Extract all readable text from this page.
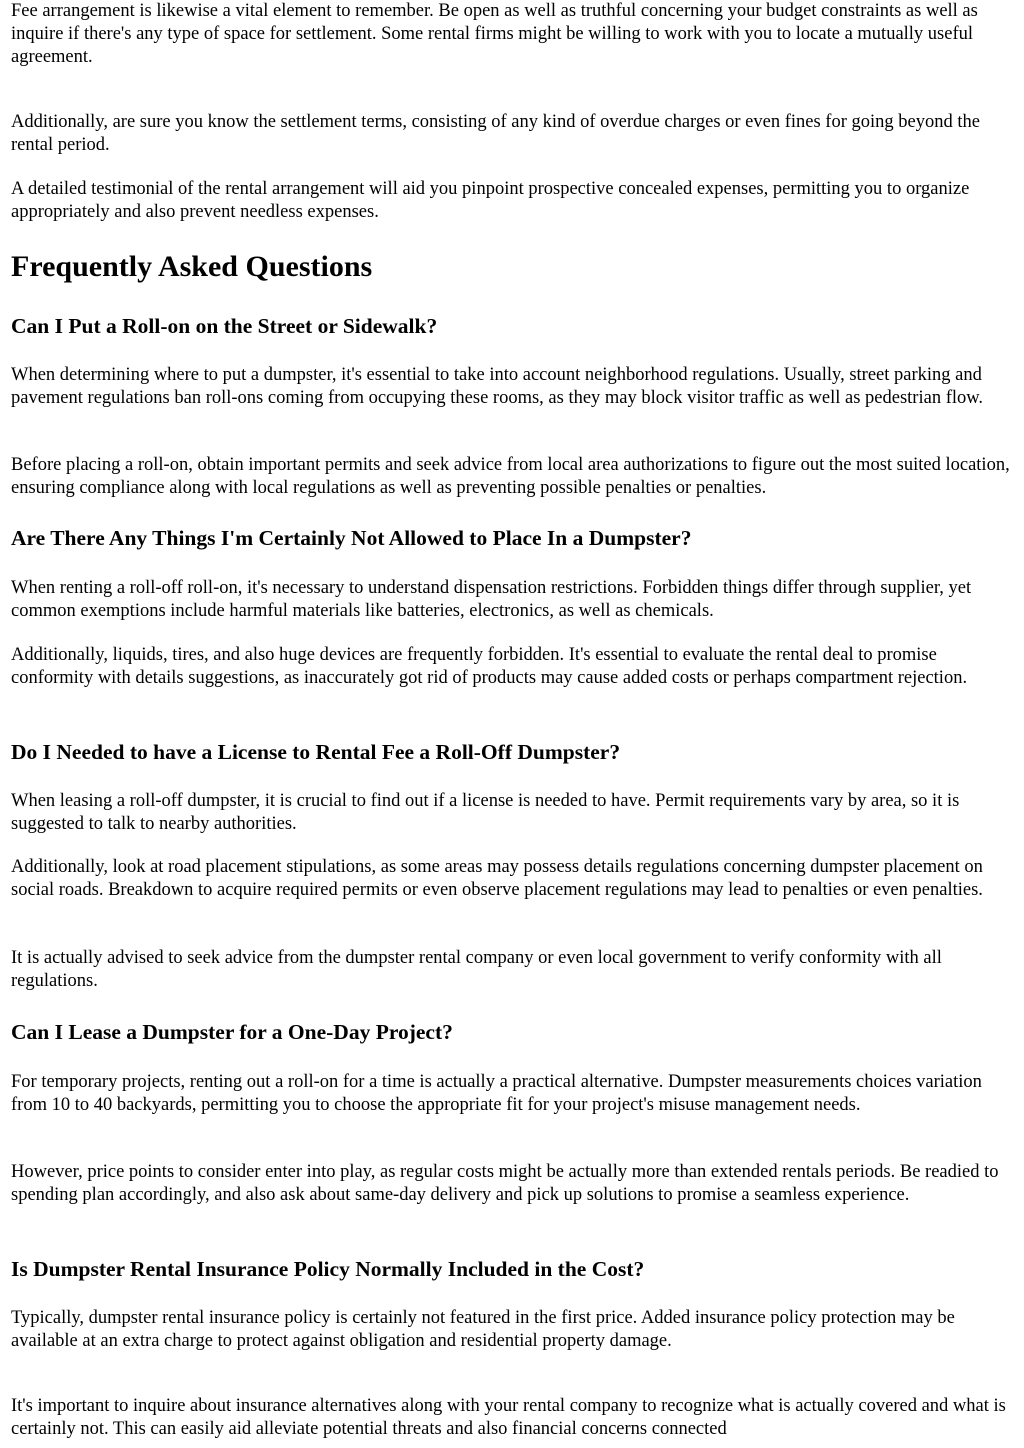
Fee arrangement is likewise a vital element to remember. Be open as well as truthful concerning your budget constraints as well as inquire if there's any type of space for settlement. Some rental firms might be willing to work with you to locate a mutually useful agreement.

Additionally, are sure you know the settlement terms, consisting of any kind of overdue charges or even fines for going beyond the rental period.

A detailed testimonial of the rental arrangement will aid you pinpoint prospective concealed expenses, permitting you to organize appropriately and also prevent needless expenses.

Frequently Asked Questions
Can I Put a Roll-on on the Street or Sidewalk?

When determining where to put a dumpster, it's essential to take into account neighborhood regulations. Usually, street parking and pavement regulations ban roll-ons coming from occupying these rooms, as they may block visitor traffic as well as pedestrian flow.

Before placing a roll-on, obtain important permits and seek advice from local area authorizations to figure out the most suited location, ensuring compliance along with local regulations as well as preventing possible penalties or penalties.

Are There Any Things I'm Certainly Not Allowed to Place In a Dumpster?

When renting a roll-off roll-on, it's necessary to understand dispensation restrictions. Forbidden things differ through supplier, yet common exemptions include harmful materials like batteries, electronics, as well as chemicals.

Additionally, liquids, tires, and also huge devices are frequently forbidden. It's essential to evaluate the rental deal to promise conformity with details suggestions, as inaccurately got rid of products may cause added costs or perhaps compartment rejection.

Do I Needed to have a License to Rental Fee a Roll-Off Dumpster?

When leasing a roll-off dumpster, it is crucial to find out if a license is needed to have. Permit requirements vary by area, so it is suggested to talk to nearby authorities.

Additionally, look at road placement stipulations, as some areas may possess details regulations concerning dumpster placement on social roads. Breakdown to acquire required permits or even observe placement regulations may lead to penalties or even penalties.

It is actually advised to seek advice from the dumpster rental company or even local government to verify conformity with all regulations.

Can I Lease a Dumpster for a One-Day Project?

For temporary projects, renting out a roll-on for a time is actually a practical alternative. Dumpster measurements choices variation from 10 to 40 backyards, permitting you to choose the appropriate fit for your project's misuse management needs.

However, price points to consider enter into play, as regular costs might be actually more than extended rentals periods. Be readied to spending plan accordingly, and also ask about same-day delivery and pick up solutions to promise a seamless experience.

Is Dumpster Rental Insurance Policy Normally Included in the Cost?

Typically, dumpster rental insurance policy is certainly not featured in the first price. Added insurance policy protection may be available at an extra charge to protect against obligation and residential property damage.

It's important to inquire about insurance alternatives along with your rental company to recognize what is actually covered and what is certainly not. This can easily aid alleviate potential threats and also financial concerns connected
